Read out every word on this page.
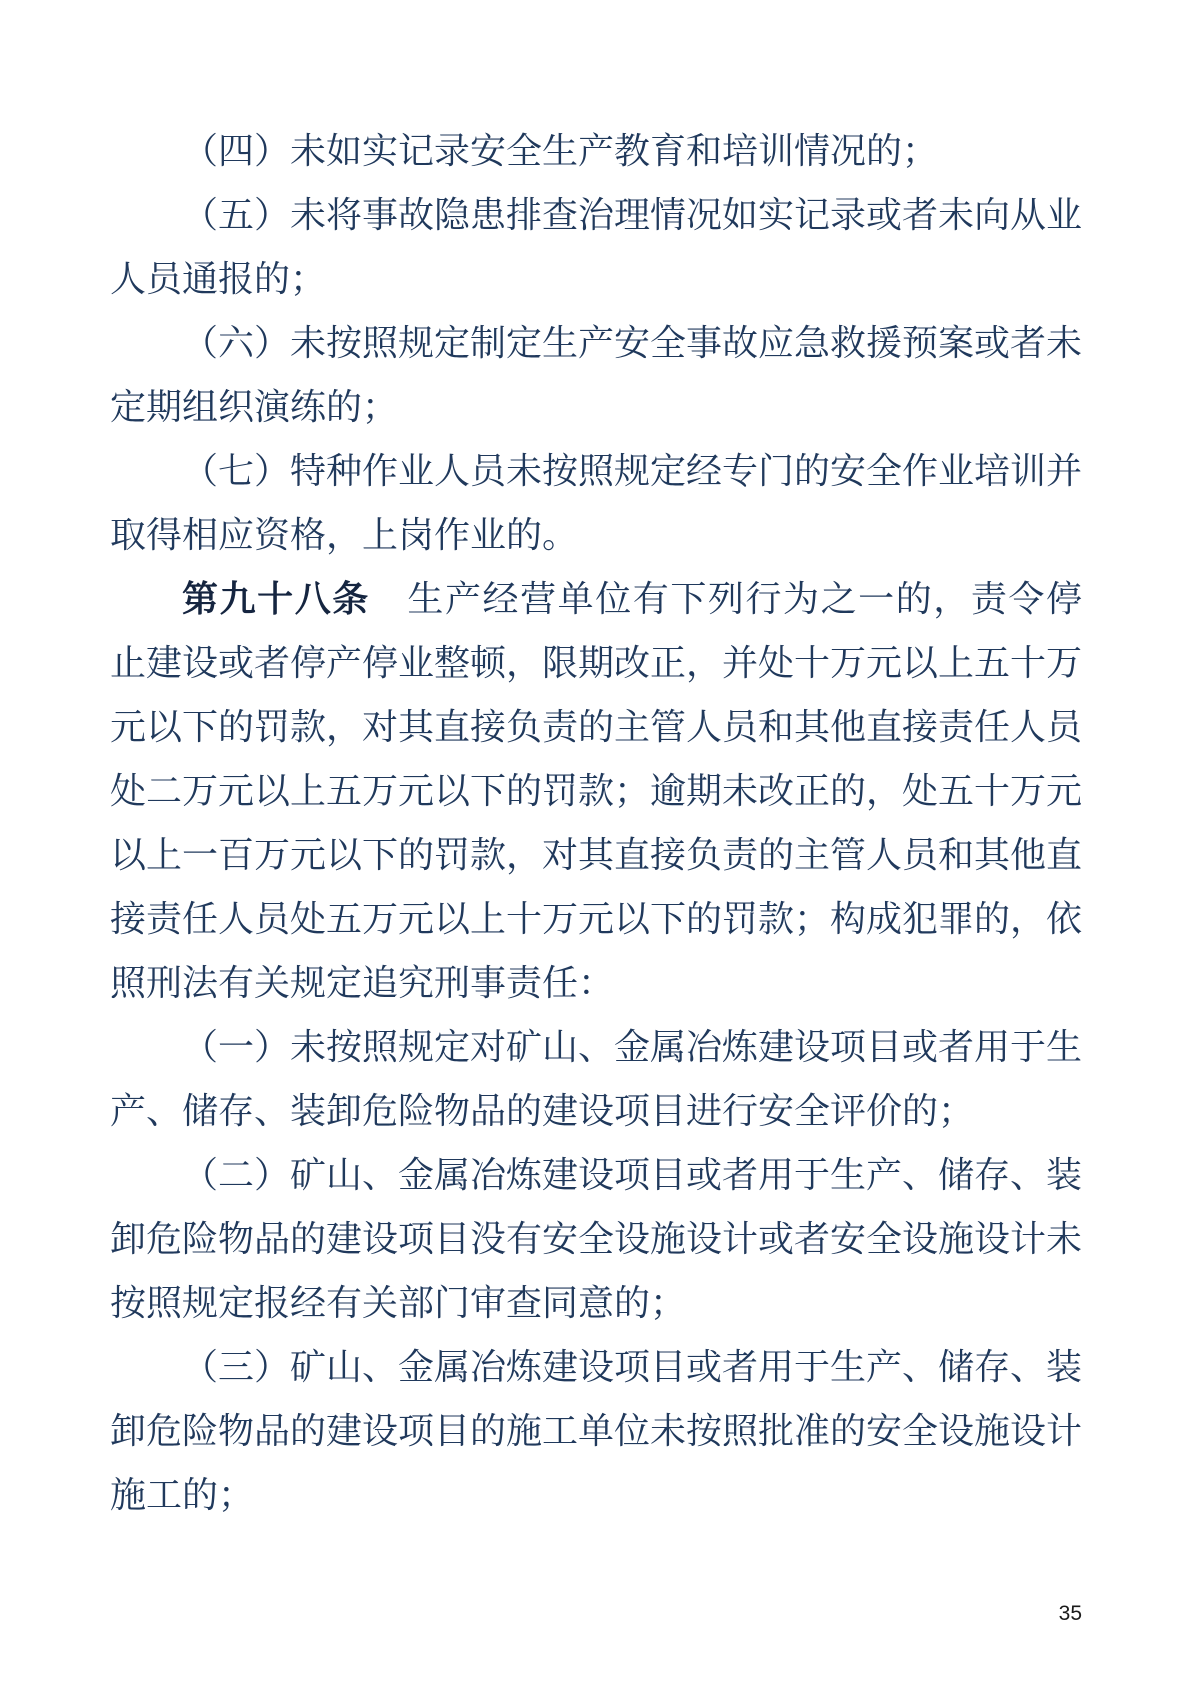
（四）未如实记录安全生产教育和培训情况的；

（五）未将事故隐患排查治理情况如实记录或者未向从业人员通报的；

（六）未按照规定制定生产安全事故应急救援预案或者未定期组织演练的；

（七）特种作业人员未按照规定经专门的安全作业培训并取得相应资格，上岗作业的。

第九十八条　生产经营单位有下列行为之一的，责令停止建设或者停产停业整顿，限期改正，并处十万元以上五十万元以下的罚款，对其直接负责的主管人员和其他直接责任人员处二万元以上五万元以下的罚款；逾期未改正的，处五十万元以上一百万元以下的罚款，对其直接负责的主管人员和其他直接责任人员处五万元以上十万元以下的罚款；构成犯罪的，依照刑法有关规定追究刑事责任：

（一）未按照规定对矿山、金属冶炼建设项目或者用于生产、储存、装卸危险物品的建设项目进行安全评价的；

（二）矿山、金属冶炼建设项目或者用于生产、储存、装卸危险物品的建设项目没有安全设施设计或者安全设施设计未按照规定报经有关部门审查同意的；

（三）矿山、金属冶炼建设项目或者用于生产、储存、装卸危险物品的建设项目的施工单位未按照批准的安全设施设计施工的；

35
